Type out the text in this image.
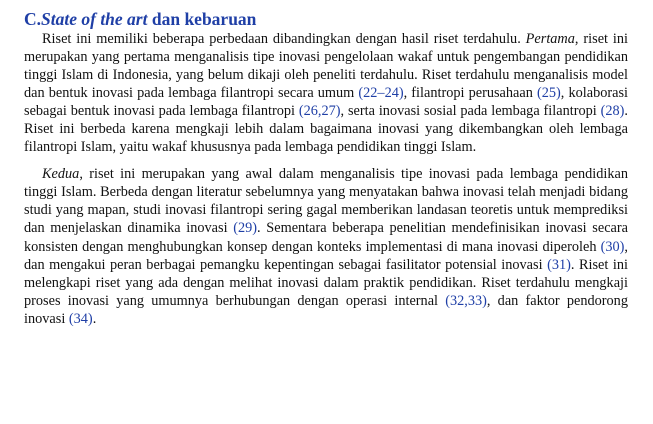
C.State of the art dan kebaruan

Riset ini memiliki beberapa perbedaan dibandingkan dengan hasil riset terdahulu. Pertama, riset ini merupakan yang pertama menganalisis tipe inovasi pengelolaan wakaf untuk pengembangan pendidikan tinggi Islam di Indonesia, yang belum dikaji oleh peneliti terdahulu. Riset terdahulu menganalisis model dan bentuk inovasi pada lembaga filantropi secara umum (22–24), filantropi perusahaan (25), kolaborasi sebagai bentuk inovasi pada lembaga filantropi (26,27), serta inovasi sosial pada lembaga filantropi (28). Riset ini berbeda karena mengkaji lebih dalam bagaimana inovasi yang dikembangkan oleh lembaga filantropi Islam, yaitu wakaf khususnya pada lembaga pendidikan tinggi Islam.

Kedua, riset ini merupakan yang awal dalam menganalisis tipe inovasi pada lembaga pendidikan tinggi Islam. Berbeda dengan literatur sebelumnya yang menyatakan bahwa inovasi telah menjadi bidang studi yang mapan, studi inovasi filantropi sering gagal memberikan landasan teoretis untuk memprediksi dan menjelaskan dinamika inovasi (29). Sementara beberapa penelitian mendefinisikan inovasi secara konsisten dengan menghubungkan konsep dengan konteks implementasi di mana inovasi diperoleh (30), dan mengakui peran berbagai pemangku kepentingan sebagai fasilitator potensial inovasi (31). Riset ini melengkapi riset yang ada dengan melihat inovasi dalam praktik pendidikan. Riset terdahulu mengkaji proses inovasi yang umumnya berhubungan dengan operasi internal (32,33), dan faktor pendorong inovasi (34).
